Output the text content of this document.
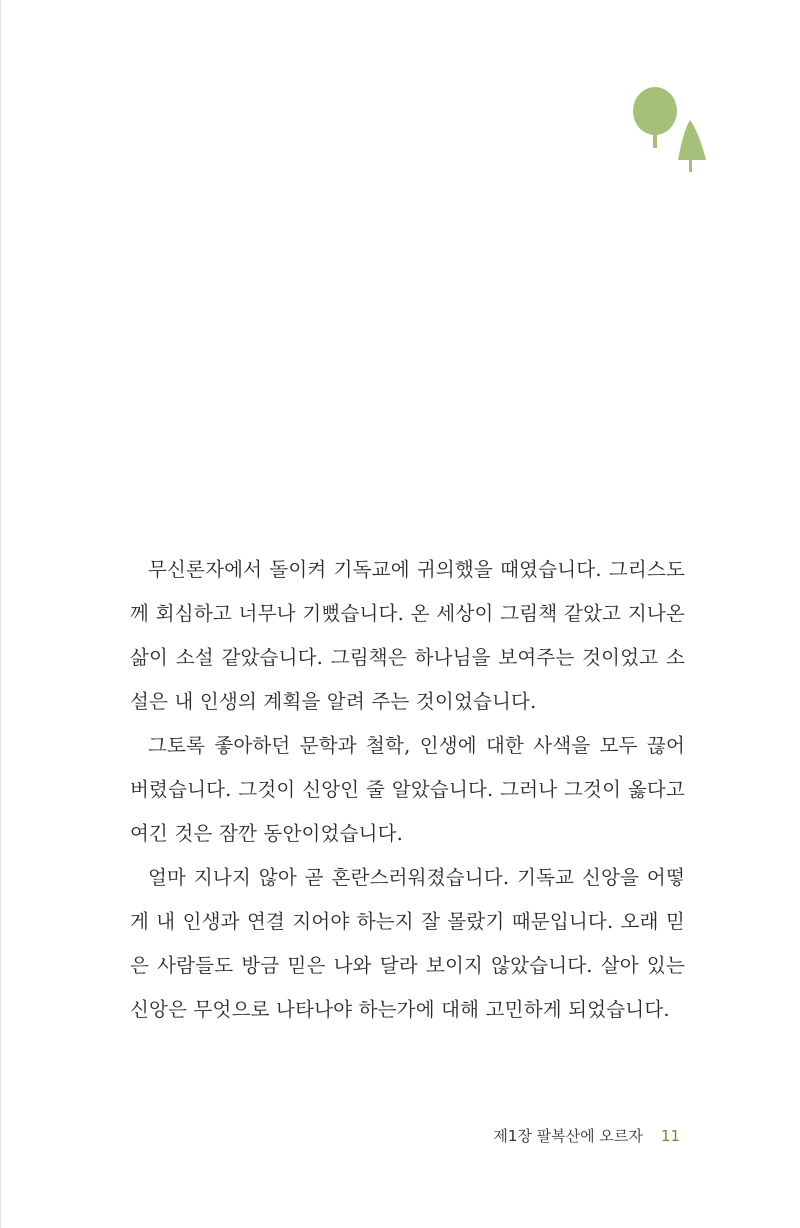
무신론자에서 돌이켜 기독교에 귀의했을 때였습니다. 그리스도께 회심하고 너무나 기뻤습니다. 온 세상이 그림책 같았고 지나온 삶이 소설 같았습니다. 그림책은 하나님을 보여주는 것이었고 소설은 내 인생의 계획을 알려 주는 것이었습니다.

그토록 좋아하던 문학과 철학, 인생에 대한 사색을 모두 끊어 버렸습니다. 그것이 신앙인 줄 알았습니다. 그러나 그것이 옳다고 여긴 것은 잠깐 동안이었습니다.

얼마 지나지 않아 곧 혼란스러워졌습니다. 기독교 신앙을 어떻게 내 인생과 연결 지어야 하는지 잘 몰랐기 때문입니다. 오래 믿은 사람들도 방금 믿은 나와 달라 보이지 않았습니다. 살아 있는 신앙은 무엇으로 나타나야 하는가에 대해 고민하게 되었습니다.

제1장 팔복산에 오르자 11
